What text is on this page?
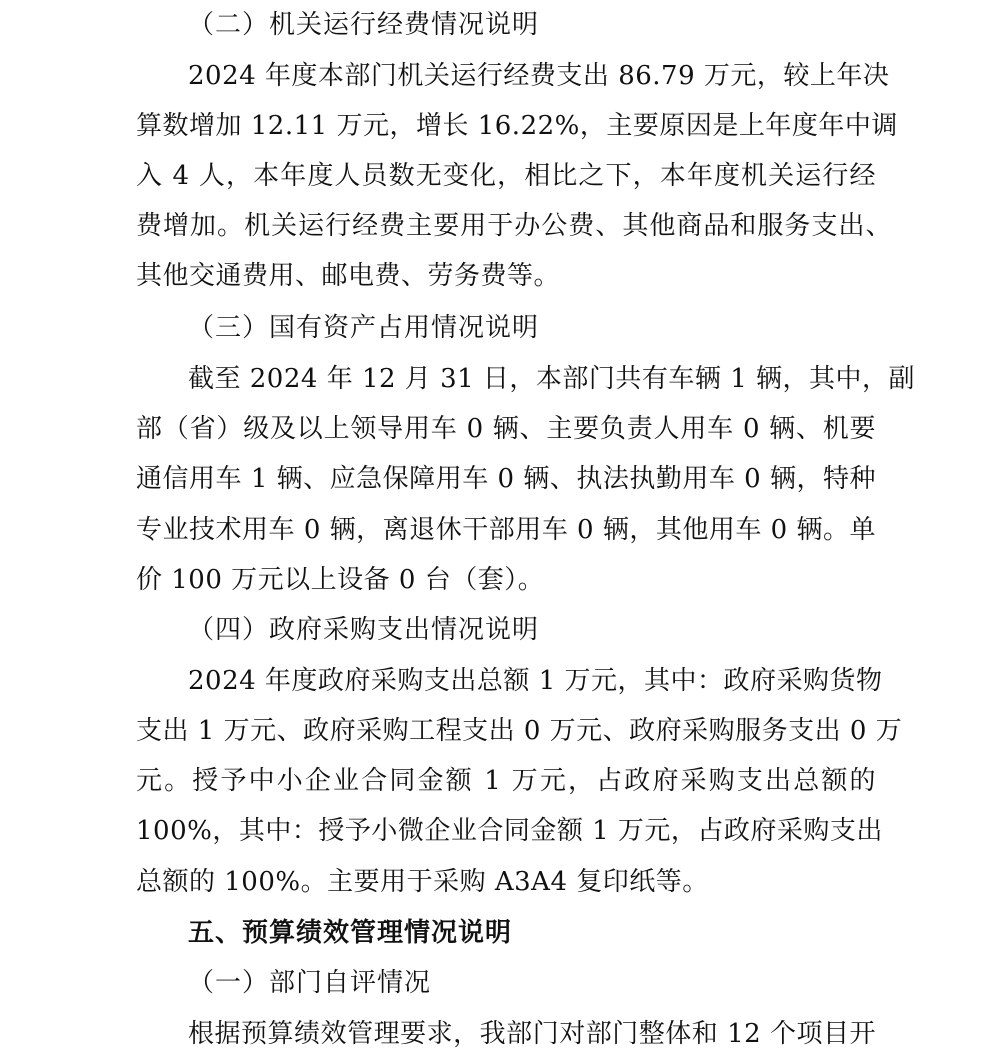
（二）机关运行经费情况说明
2024 年度本部门机关运行经费支出 86.79 万元，较上年决
算数增加 12.11 万元，增长 16.22%，主要原因是上年度年中调
入 4 人，本年度人员数无变化，相比之下，本年度机关运行经
费增加。机关运行经费主要用于办公费、其他商品和服务支出、
其他交通费用、邮电费、劳务费等。
（三）国有资产占用情况说明
截至 2024 年 12 月 31 日，本部门共有车辆 1 辆，其中，副
部（省）级及以上领导用车 0 辆、主要负责人用车 0 辆、机要
通信用车 1 辆、应急保障用车 0 辆、执法执勤用车 0 辆，特种
专业技术用车 0 辆，离退休干部用车 0 辆，其他用车 0 辆。单
价 100 万元以上设备 0 台（套）。
（四）政府采购支出情况说明
2024 年度政府采购支出总额 1 万元，其中：政府采购货物
支出 1 万元、政府采购工程支出 0 万元、政府采购服务支出 0 万
元。授予中小企业合同金额 1 万元，占政府采购支出总额的
100%，其中：授予小微企业合同金额 1 万元，占政府采购支出
总额的 100%。主要用于采购 A3A4 复印纸等。
五、预算绩效管理情况说明
（一）部门自评情况
根据预算绩效管理要求，我部门对部门整体和 12 个项目开
